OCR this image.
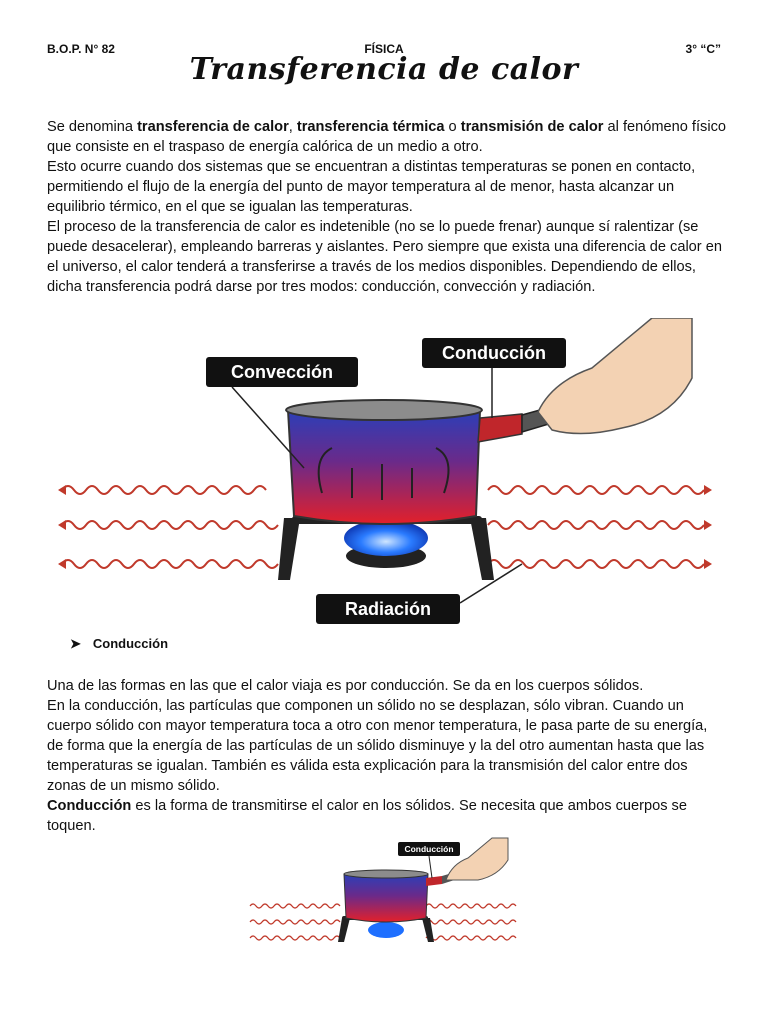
B.O.P. N° 82	FÍSICA	3° “C”
Transferencia de calor
Se denomina transferencia de calor, transferencia térmica o transmisión de calor al fenómeno físico que consiste en el traspaso de energía calórica de un medio a otro.
Esto ocurre cuando dos sistemas que se encuentran a distintas temperaturas se ponen en contacto, permitiendo el flujo de la energía del punto de mayor temperatura al de menor, hasta alcanzar un equilibrio térmico, en el que se igualan las temperaturas.
El proceso de la transferencia de calor es indetenible (no se lo puede frenar) aunque sí ralentizar (se puede desacelerar), empleando barreras y aislantes. Pero siempre que exista una diferencia de calor en el universo, el calor tenderá a transferirse a través de los medios disponibles. Dependiendo de ellos, dicha transferencia podrá darse por tres modos: conducción, convección y radiación.
Convección
Conducción
Radiación
➤ Conducción
Una de las formas en las que el calor viaja es por conducción. Se da en los cuerpos sólidos.
En la conducción, las partículas que componen un sólido no se desplazan, sólo vibran. Cuando un cuerpo sólido con mayor temperatura toca a otro con menor temperatura, le pasa parte de su energía, de forma que la energía de las partículas de un sólido disminuye y la del otro aumentan hasta que las temperaturas se igualan. También es válida esta explicación para la transmisión del calor entre dos zonas de un mismo sólido.
Conducción es la forma de transmitirse el calor en los sólidos. Se necesita que ambos cuerpos se toquen.
Conducción
